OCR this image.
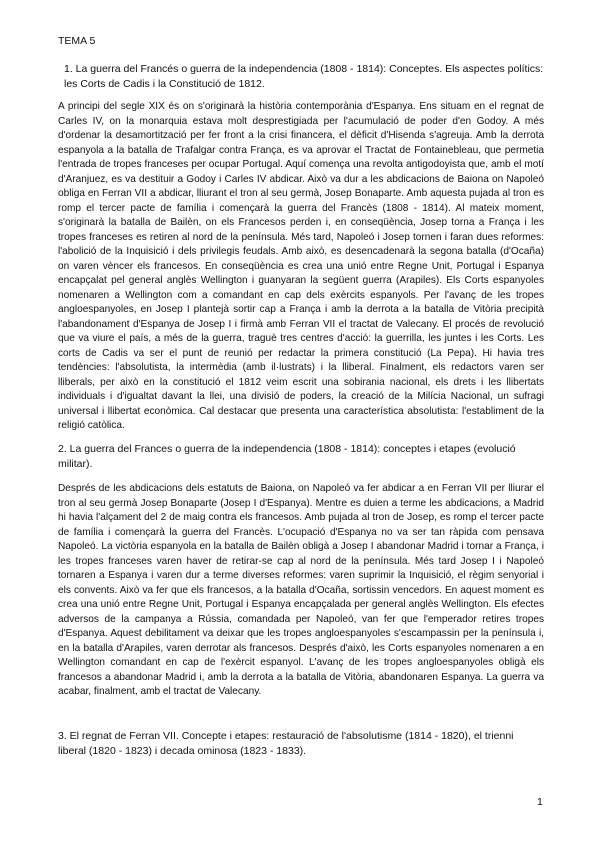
TEMA 5

1. La guerra del Francés o guerra de la independencia (1808 - 1814): Conceptes. Els aspectes polítics: les Corts de Cadis i la Constitució de 1812.

A principi del segle XIX és on s'originarà la història contemporània d'Espanya. Ens situam en el regnat de Carles IV, on la monarquia estava molt desprestigiada per l'acumulació de poder d'en Godoy. A més d'ordenar la desamortització per fer front a la crisi financera, el dèficit d'Hisenda s'agreuja. Amb la derrota espanyola a la batalla de Trafalgar contra França, es va aprovar el Tractat de Fontainebleau, que permetia l'entrada de tropes franceses per ocupar Portugal. Aquí comença una revolta antigodoyista que, amb el motí d'Aranjuez, es va destituir a Godoy i Carles IV abdicar. Això va dur a les abdicacions de Baiona on Napoleó obliga en Ferran VII a abdicar, lliurant el tron al seu germà, Josep Bonaparte. Amb aquesta pujada al tron es romp el tercer pacte de família i començarà la guerra del Francès (1808 - 1814). Al mateix moment, s'originarà la batalla de Bailèn, on els Francesos perden i, en conseqüència, Josep torna a França i les tropes franceses es retiren al nord de la península. Més tard, Napoleó i Josep tornen i faran dues reformes: l'abolició de la Inquisició i dels privilegis feudals. Amb això, es desencadenarà la segona batalla (d'Ocaña) on varen vèncer els francesos. En conseqüència es crea una unió entre Regne Unit, Portugal i Espanya encapçalat pel general anglès Wellington i guanyaran la següent guerra (Arapiles). Els Corts espanyoles nomenaren a Wellington com a comandant en cap dels exèrcits espanyols. Per l'avanç de les tropes angloespanyoles, en Josep I plantejà sortir cap a França i amb la derrota a la batalla de Vitòria precipità l'abandonament d'Espanya de Josep I i firmà amb Ferran VII el tractat de Valecany. El procés de revolució que va viure el país, a més de la guerra, traguè tres centres d'acció: la guerrilla, les juntes i les Corts. Les corts de Cadis va ser el punt de reunió per redactar la primera constitució (La Pepa). Hi havia tres tendències: l'absolutista, la intermèdia (amb il·lustrats) i la lliberal. Finalment, els redactors varen ser lliberals, per això en la constitució el 1812 veim escrit una sobirania nacional, els drets i les llibertats individuals i d'igualtat davant la llei, una divisió de poders, la creació de la Milícia Nacional, un sufragi universal i llibertat econòmica. Cal destacar que presenta una característica absolutista: l'establiment de la religió catòlica.

2. La guerra del Frances o guerra de la independencia (1808 - 1814): conceptes i etapes (evolució militar).

Després de les abdicacions dels estatuts de Baiona, on Napoleó va fer abdicar a en Ferran VII per lliurar el tron al seu germà Josep Bonaparte (Josep I d'Espanya). Mentre es duien a terme les abdicacions, a Madrid hi havia l'alçament del 2 de maig contra els francesos. Amb pujada al tron de Josep, es romp el tercer pacte de família i començarà la guerra del Francès. L'ocupació d'Espanya no va ser tan ràpida com pensava Napoleó. La victòria espanyola en la batalla de Bailèn obligà a Josep I abandonar Madrid i tornar a França, i les tropes franceses varen haver de retirar-se cap al nord de la península. Més tard Josep I i Napoleó tornaren a Espanya i varen dur a terme diverses reformes: varen suprimir la Inquisició, el règim senyorial i els convents. Això va fer que els francesos, a la batalla d'Ocaña, sortissin vencedors. En aquest moment es crea una unió entre Regne Unit, Portugal i Espanya encapçalada per general anglès Wellington. Els efectes adversos de la campanya a Rússia, comandada per Napoleó, van fer que l'emperador retires tropes d'Espanya. Aquest debilitament va deixar que les tropes angloespanyoles s'escampassin per la península i, en la batalla d'Arapiles, varen derrotar als francesos. Després d'això, les Corts espanyoles nomenaren a en Wellington comandant en cap de l'exèrcit espanyol. L'avanç de les tropes angloespanyoles obligà els francesos a abandonar Madrid i, amb la derrota a la batalla de Vitòria, abandonaren Espanya. La guerra va acabar, finalment, amb el tractat de Valecany.

3. El regnat de Ferran VII. Concepte i etapes: restauració de l'absolutisme (1814 - 1820), el trienni liberal (1820 - 1823) i decada ominosa (1823 - 1833).

1
